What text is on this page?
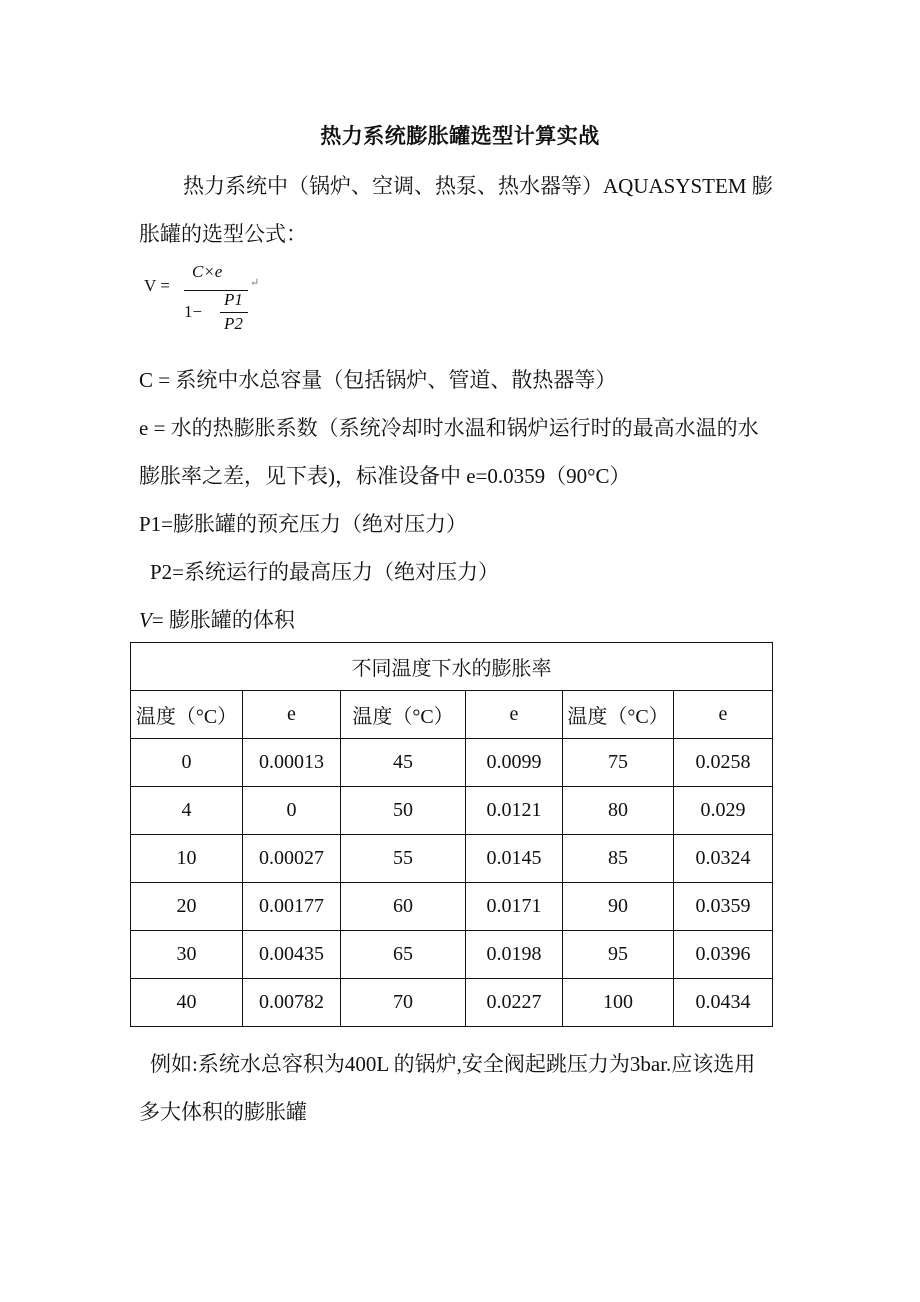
热力系统膨胀罐选型计算实战
热力系统中（锅炉、空调、热泵、热水器等）AQUASYSTEM 膨
胀罐的选型公式：
V =
C×e
1−
P1
P2
↵
C = 系统中水总容量（包括锅炉、管道、散热器等）
e = 水的热膨胀系数（系统冷却时水温和锅炉运行时的最高水温的水
膨胀率之差，见下表)，标准设备中 e=0.0359（90°C）
P1=膨胀罐的预充压力（绝对压力）
P2=系统运行的最高压力（绝对压力）
V= 膨胀罐的体积
不同温度下水的膨胀率					
温度（°C）	e	温度（°C）	e	温度（°C）	e
0	0.00013	45	0.0099	75	0.0258
4	0	50	0.0121	80	0.029
10	0.00027	55	0.0145	85	0.0324
20	0.00177	60	0.0171	90	0.0359
30	0.00435	65	0.0198	95	0.0396
40	0.00782	70	0.0227	100	0.0434
例如:系统水总容积为400L 的锅炉,安全阀起跳压力为3bar.应该选用
多大体积的膨胀罐
